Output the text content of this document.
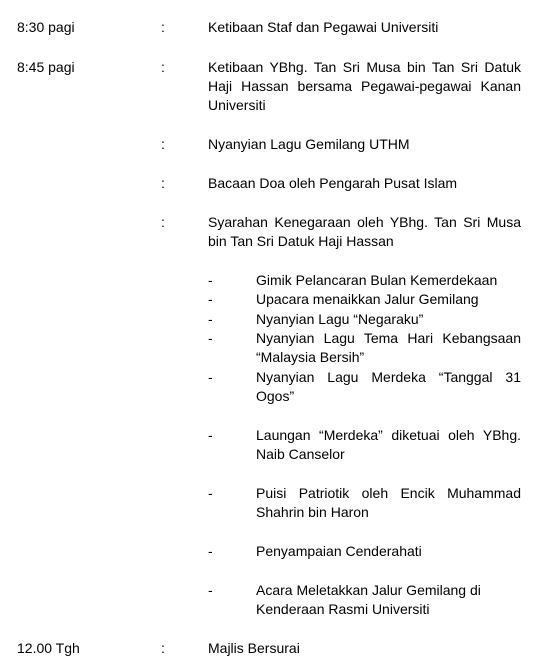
8:30 pagi	:	Ketibaan Staf dan Pegawai Universiti
8:45 pagi	:	Ketibaan YBhg. Tan Sri Musa bin Tan Sri Datuk Haji Hassan bersama Pegawai-pegawai Kanan Universiti
:	Nyanyian Lagu Gemilang UTHM
:	Bacaan Doa oleh Pengarah Pusat Islam
:	Syarahan Kenegaraan oleh YBhg. Tan Sri Musa bin Tan Sri Datuk Haji Hassan
-	Gimik Pelancaran Bulan Kemerdekaan
-	Upacara menaikkan Jalur Gemilang
-	Nyanyian Lagu “Negaraku”
-	Nyanyian Lagu Tema Hari Kebangsaan “Malaysia Bersih”
-	Nyanyian Lagu Merdeka “Tanggal 31 Ogos”
-	Laungan “Merdeka” diketuai oleh YBhg. Naib Canselor
-	Puisi Patriotik oleh Encik Muhammad Shahrin bin Haron
-	Penyampaian Cenderahati
-	Acara Meletakkan Jalur Gemilang di Kenderaan Rasmi Universiti
12.00 Tgh	:	Majlis Bersurai
